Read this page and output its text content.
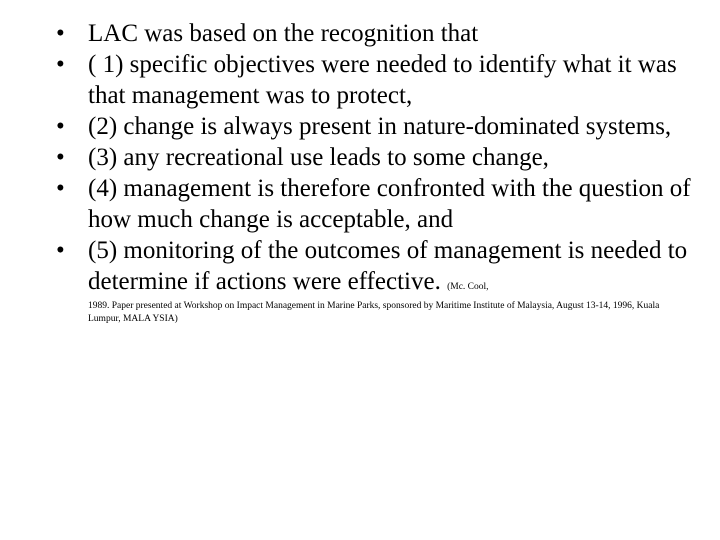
• LAC was based on the recognition that
• ( 1) specific objectives were needed to identify what it was that management was to protect,
• (2) change is always present in nature-dominated systems,
• (3) any recreational use leads to some change,
• (4) management is therefore confronted with the question of how much change is acceptable, and
• (5) monitoring of the outcomes of management is needed to determine if actions were effective. (Mc. Cool,
1989. Paper presented at Workshop on Impact Management in Marine Parks, sponsored by Maritime Institute of Malaysia, August 13-14, 1996, Kuala Lumpur, MALA YSIA)
